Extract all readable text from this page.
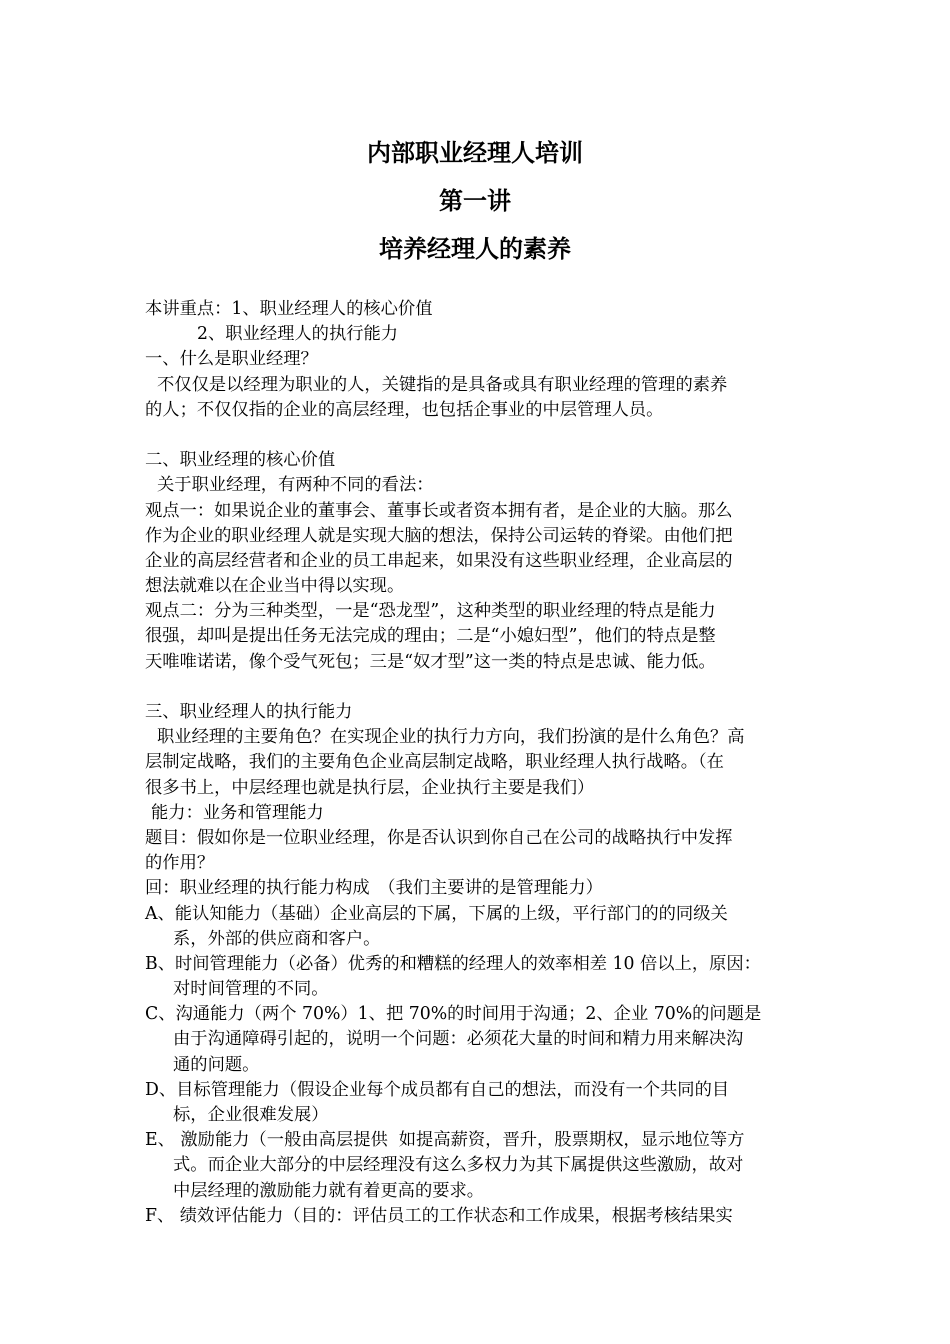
内部职业经理人培训
第一讲
培养经理人的素养
本讲重点：1、职业经理人的核心价值
2、职业经理人的执行能力
一、什么是职业经理？
不仅仅是以经理为职业的人，关键指的是具备或具有职业经理的管理的素养
的人；不仅仅指的企业的高层经理，也包括企事业的中层管理人员。
二、职业经理的核心价值
关于职业经理，有两种不同的看法：
观点一：如果说企业的董事会、董事长或者资本拥有者，是企业的大脑。那么
作为企业的职业经理人就是实现大脑的想法，保持公司运转的脊梁。由他们把
企业的高层经营者和企业的员工串起来，如果没有这些职业经理，企业高层的
想法就难以在企业当中得以实现。
观点二：分为三种类型，一是“恐龙型”，这种类型的职业经理的特点是能力
很强，却叫是提出任务无法完成的理由；二是“小媳妇型”，他们的特点是整
天唯唯诺诺，像个受气死包；三是“奴才型”这一类的特点是忠诚、能力低。
三、职业经理人的执行能力
职业经理的主要角色？在实现企业的执行力方向，我们扮演的是什么角色？高
层制定战略，我们的主要角色企业高层制定战略，职业经理人执行战略。（在
很多书上，中层经理也就是执行层，企业执行主要是我们）
能力：业务和管理能力
题目：假如你是一位职业经理，你是否认识到你自己在公司的战略执行中发挥
的作用？
回：职业经理的执行能力构成　（我们主要讲的是管理能力）
A、能认知能力（基础）企业高层的下属，下属的上级，平行部门的的同级关
系，外部的供应商和客户。
B、时间管理能力（必备）优秀的和糟糕的经理人的效率相差 10 倍以上，原因：
对时间管理的不同。
C、沟通能力（两个 70%）1、把 70%的时间用于沟通；2、企业 70%的问题是
由于沟通障碍引起的，说明一个问题：必须花大量的时间和精力用来解决沟
通的问题。
D、目标管理能力（假设企业每个成员都有自己的想法，而没有一个共同的目
标，企业很难发展）
E、 激励能力（一般由高层提供  如提高薪资，晋升，股票期权，显示地位等方
式。而企业大部分的中层经理没有这么多权力为其下属提供这些激励，故对
中层经理的激励能力就有着更高的要求。
F、 绩效评估能力（目的：评估员工的工作状态和工作成果，根据考核结果实
